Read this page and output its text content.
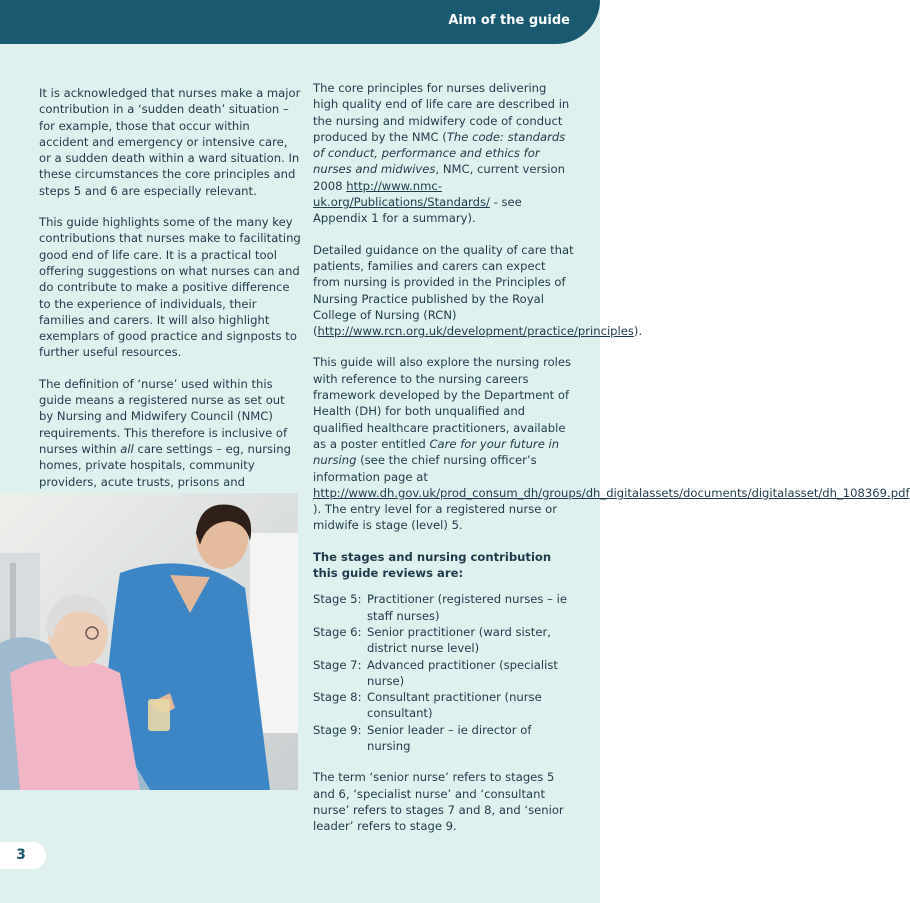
Aim of the guide

It is acknowledged that nurses make a major contribution in a ‘sudden death’ situation – for example, those that occur within accident and emergency or intensive care, or a sudden death within a ward situation. In these circumstances the core principles and steps 5 and 6 are especially relevant.

This guide highlights some of the many key contributions that nurses make to facilitating good end of life care. It is a practical tool offering suggestions on what nurses can and do contribute to make a positive difference to the experience of individuals, their families and carers. It will also highlight exemplars of good practice and signposts to further useful resources.

The definition of ‘nurse’ used within this guide means a registered nurse as set out by Nursing and Midwifery Council (NMC) requirements. This therefore is inclusive of nurses within all care settings – eg, nursing homes, private hospitals, community providers, acute trusts, prisons and

The core principles for nurses delivering high quality end of life care are described in the nursing and midwifery code of conduct produced by the NMC (The code: standards of conduct, performance and ethics for nurses and midwives, NMC, current version 2008 http://www.nmc-uk.org/Publications/Standards/ - see Appendix 1 for a summary).

Detailed guidance on the quality of care that patients, families and carers can expect from nursing is provided in the Principles of Nursing Practice published by the Royal College of Nursing (RCN) (http://www.rcn.org.uk/development/practice/principles).

This guide will also explore the nursing roles with reference to the nursing careers framework developed by the Department of Health (DH) for both unqualified and qualified healthcare practitioners, available as a poster entitled Care for your future in nursing (see the chief nursing officer’s information page at http://www.dh.gov.uk/prod_consum_dh/groups/dh_digitalassets/documents/digitalasset/dh_108369.pdf ). The entry level for a registered nurse or midwife is stage (level) 5.

The stages and nursing contribution this guide reviews are:

Stage 5: Practitioner (registered nurses – ie staff nurses)
Stage 6: Senior practitioner (ward sister, district nurse level)
Stage 7: Advanced practitioner (specialist nurse)
Stage 8: Consultant practitioner (nurse consultant)
Stage 9: Senior leader – ie director of nursing

The term ‘senior nurse’ refers to stages 5 and 6, ‘specialist nurse’ and ‘consultant nurse’ refers to stages 7 and 8, and ‘senior leader’ refers to stage 9.

3
